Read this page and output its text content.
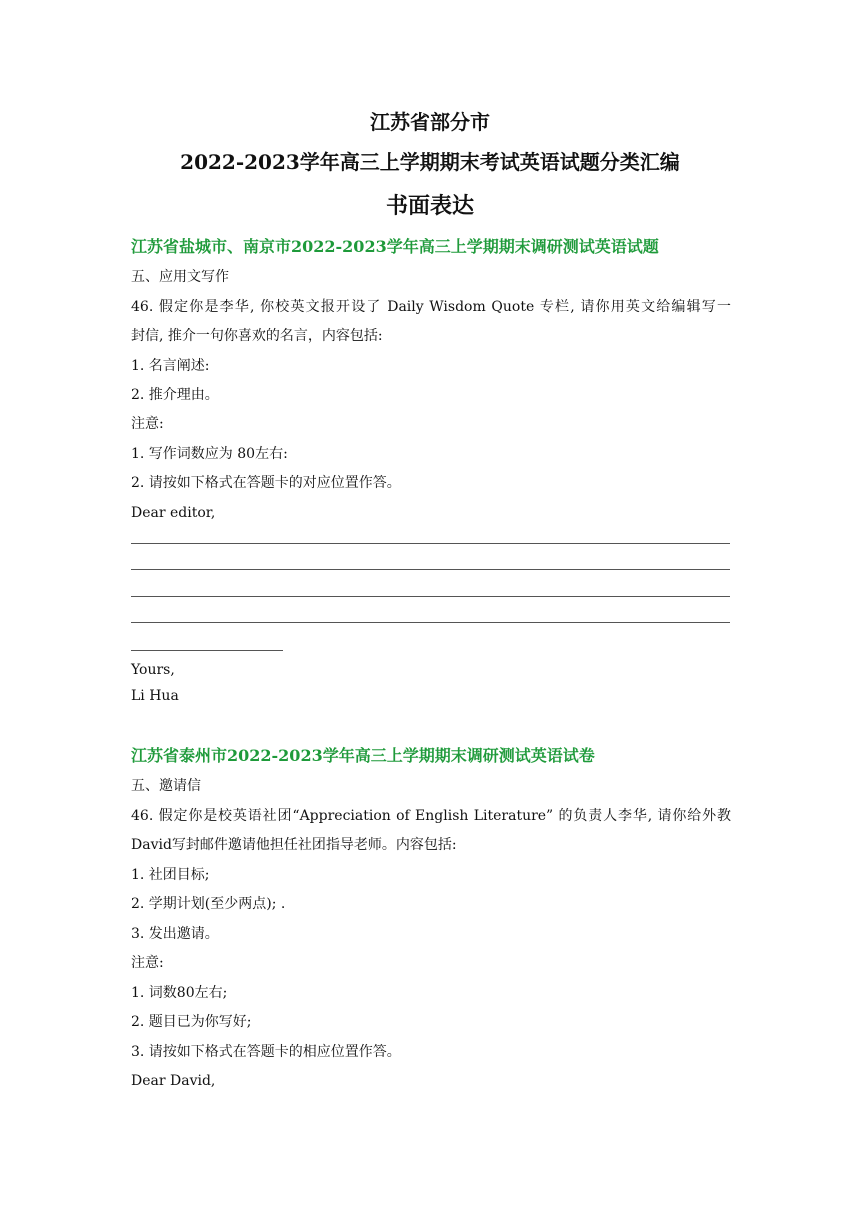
江苏省部分市
2022-2023学年高三上学期期末考试英语试题分类汇编
书面表达
江苏省盐城市、南京市2022-2023学年高三上学期期末调研测试英语试题
五、应用文写作
46. 假定你是李华, 你校英文报开设了 Daily Wisdom Quote 专栏, 请你用英文给编辑写一
封信, 推介一句你喜欢的名言，内容包括:
1. 名言阐述:
2. 推介理由。
注意:
1. 写作词数应为 80左右:
2. 请按如下格式在答题卡的对应位置作答。
Dear editor,
Yours,
Li Hua
江苏省泰州市2022-2023学年高三上学期期末调研测试英语试卷
五、邀请信
46. 假定你是校英语社团“Appreciation of English Literature” 的负责人李华, 请你给外教
David写封邮件邀请他担任社团指导老师。内容包括:
1. 社团目标;
2. 学期计划(至少两点); .
3. 发出邀请。
注意:
1. 词数80左右;
2. 题目已为你写好;
3. 请按如下格式在答题卡的相应位置作答。
Dear David,
